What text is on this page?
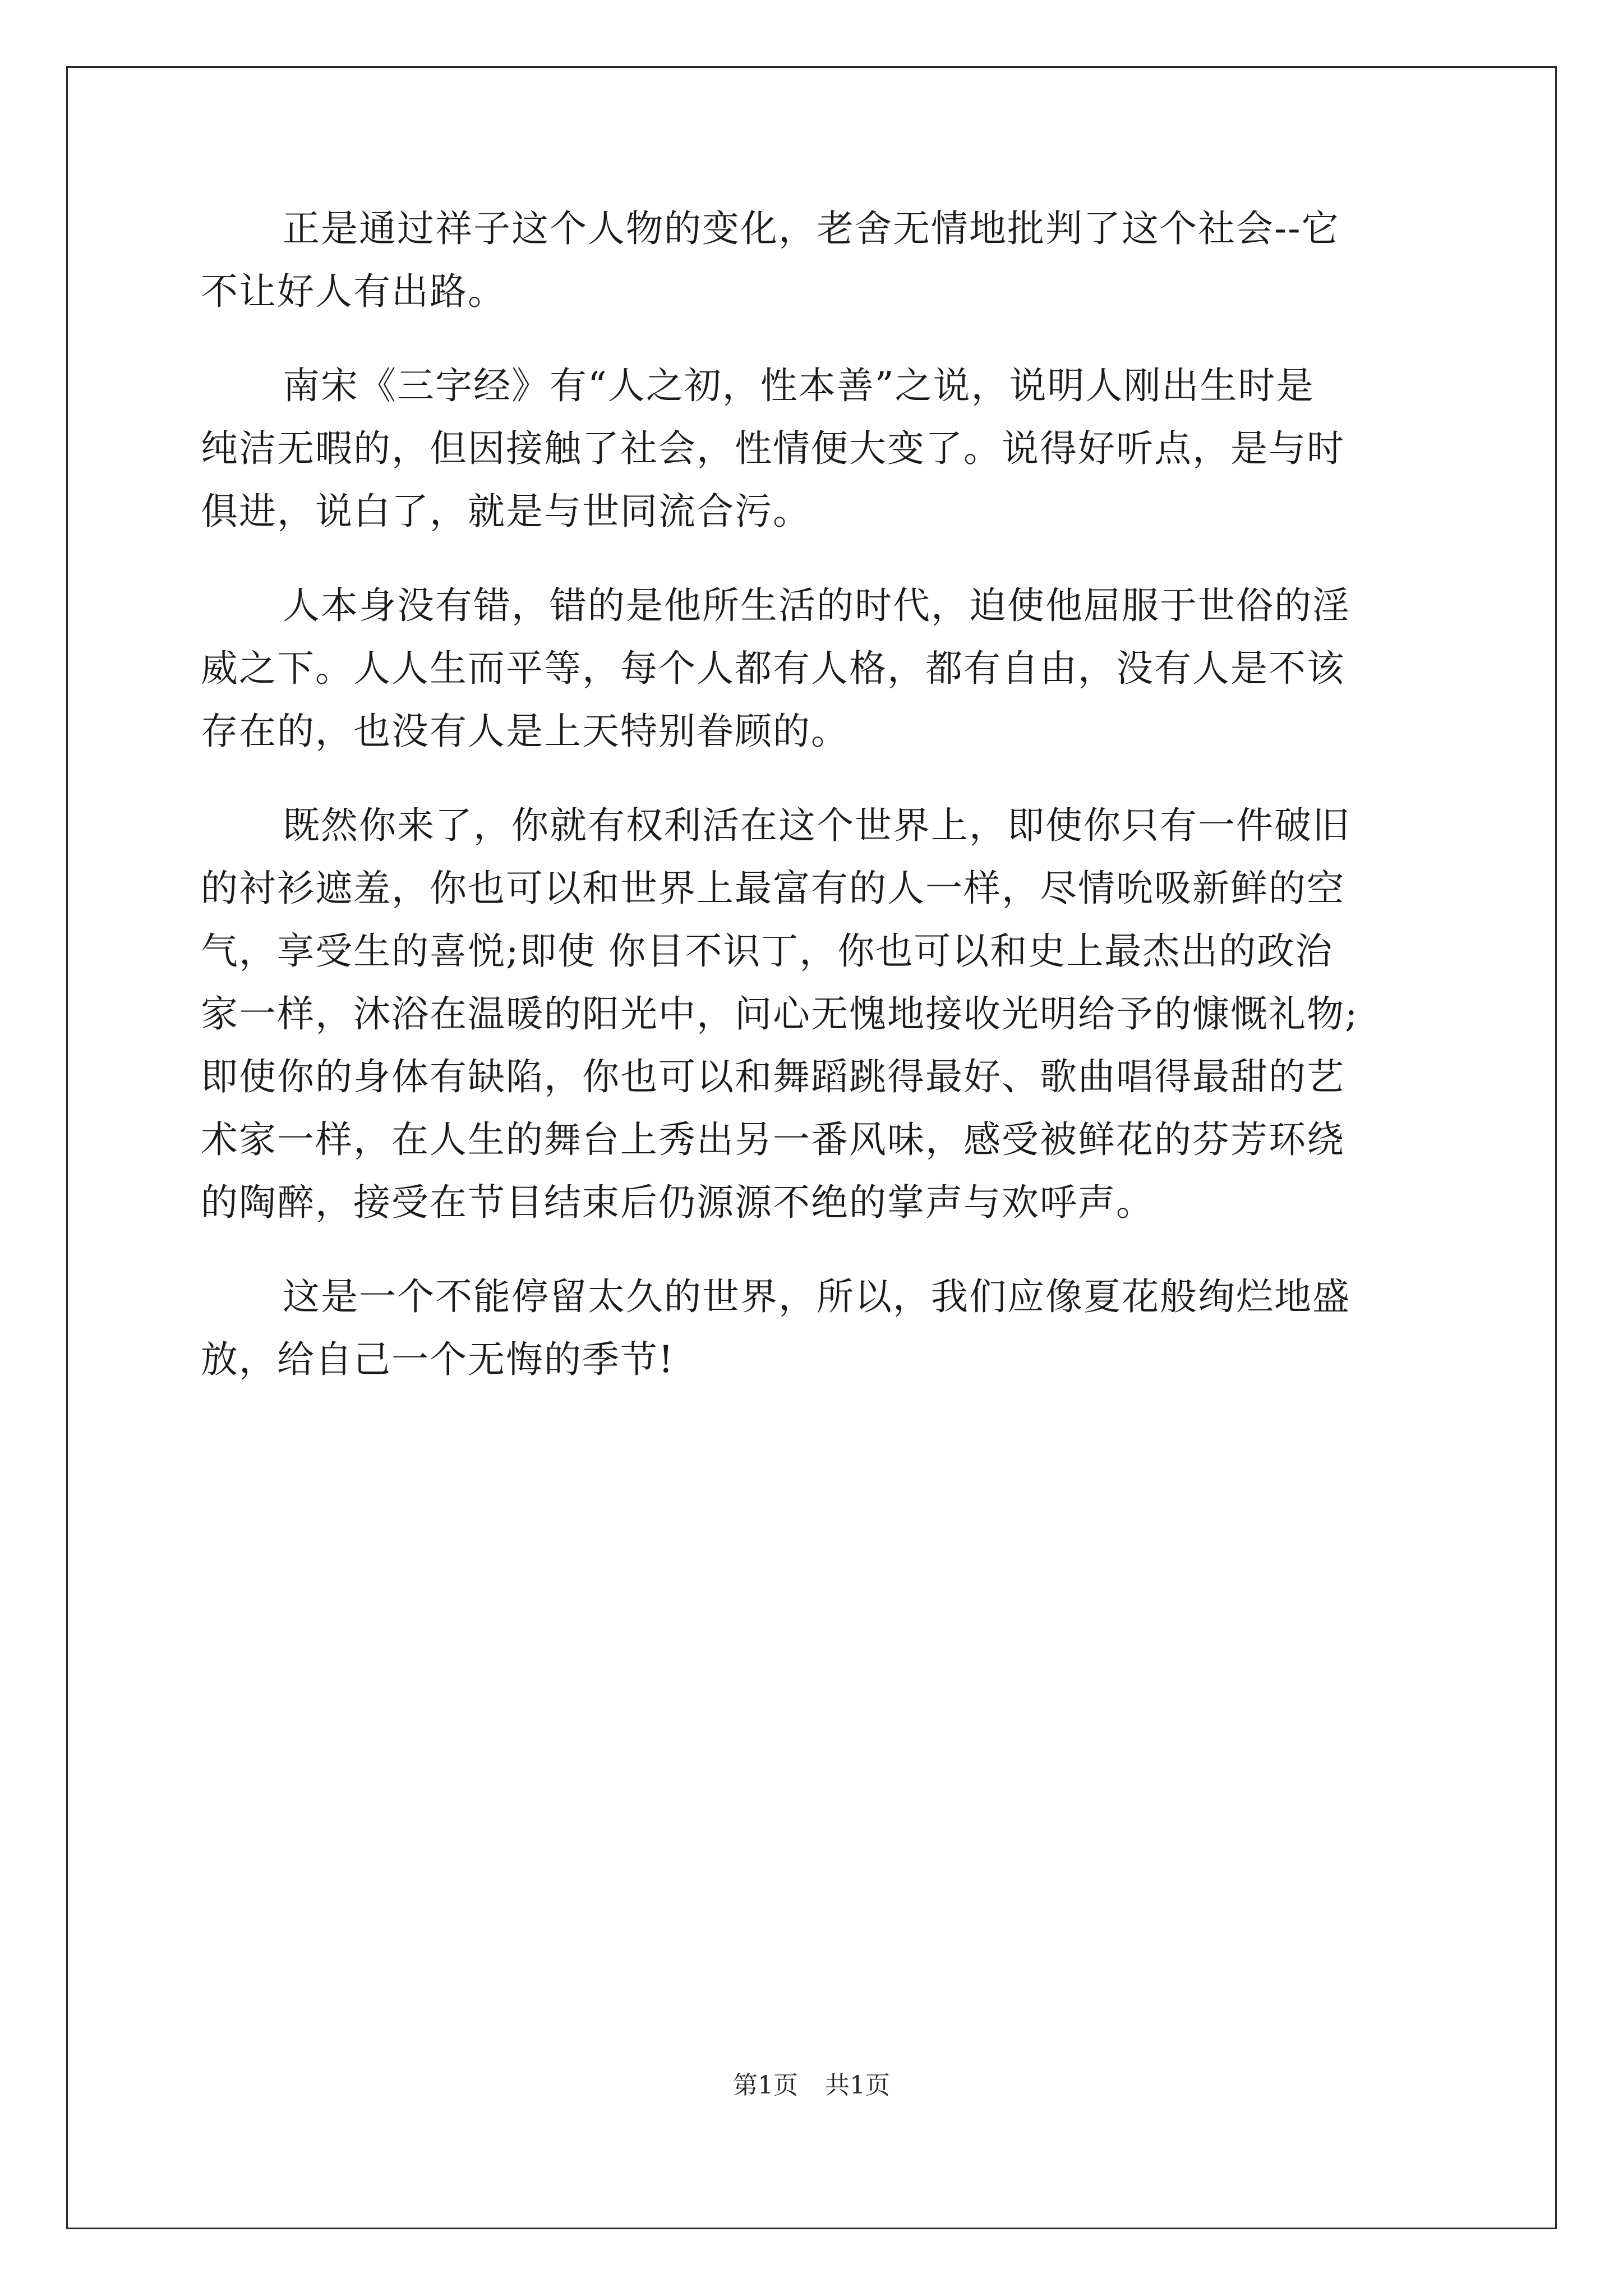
正是通过祥子这个人物的变化，老舍无情地批判了这个社会--它
不让好人有出路。
南宋《三字经》有“人之初，性本善”之说，说明人刚出生时是
纯洁无暇的，但因接触了社会，性情便大变了。说得好听点，是与时
俱进，说白了，就是与世同流合污。
人本身没有错，错的是他所生活的时代，迫使他屈服于世俗的淫
威之下。人人生而平等，每个人都有人格，都有自由，没有人是不该
存在的，也没有人是上天特别眷顾的。
既然你来了，你就有权利活在这个世界上，即使你只有一件破旧
的衬衫遮羞，你也可以和世界上最富有的人一样，尽情吮吸新鲜的空
气，享受生的喜悦;即使 你目不识丁，你也可以和史上最杰出的政治
家一样，沐浴在温暖的阳光中，问心无愧地接收光明给予的慷慨礼物;
即使你的身体有缺陷，你也可以和舞蹈跳得最好、歌曲唱得最甜的艺
术家一样，在人生的舞台上秀出另一番风味，感受被鲜花的芬芳环绕
的陶醉，接受在节目结束后仍源源不绝的掌声与欢呼声。
这是一个不能停留太久的世界，所以，我们应像夏花般绚烂地盛
放，给自己一个无悔的季节!
第1页 共1页
